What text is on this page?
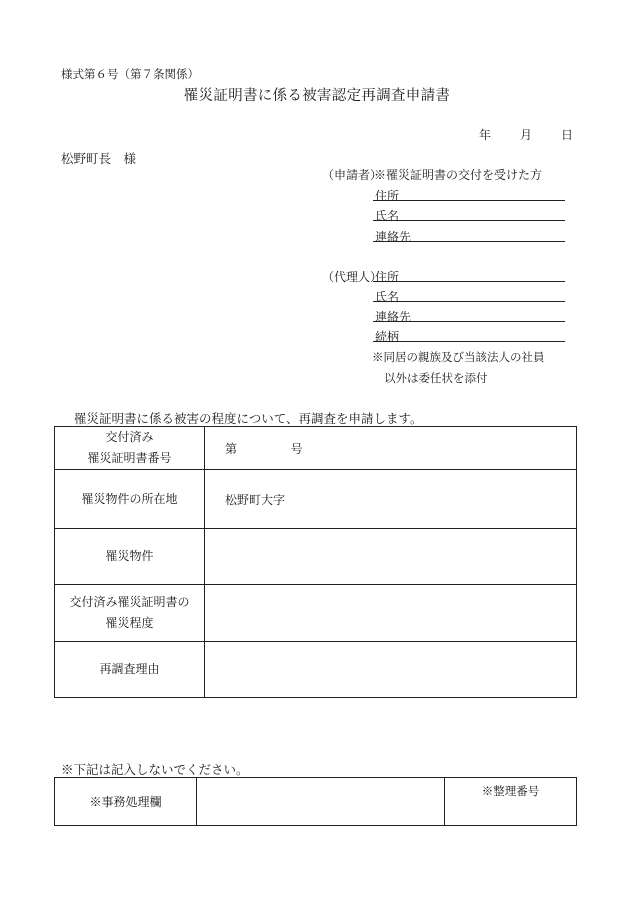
様式第６号（第７条関係）
罹災証明書に係る被害認定再調査申請書
年 月 日
松野町長　様
（申請者）
※罹災証明書の交付を受けた方
住所
氏名
連絡先
（代理人）
住所
氏名
連絡先
続柄
※同居の親族及び当該法人の社員
以外は委任状を添付
罹災証明書に係る被害の程度について、再調査を申請します。
交付済み
罹災証明書番号	第 号
罹災物件の所在地	松野町大字
罹災物件	

交付済み罹災証明書の
罹災程度	

再調査理由	
※下記は記入しないでください。
※事務処理欄		※整理番号
